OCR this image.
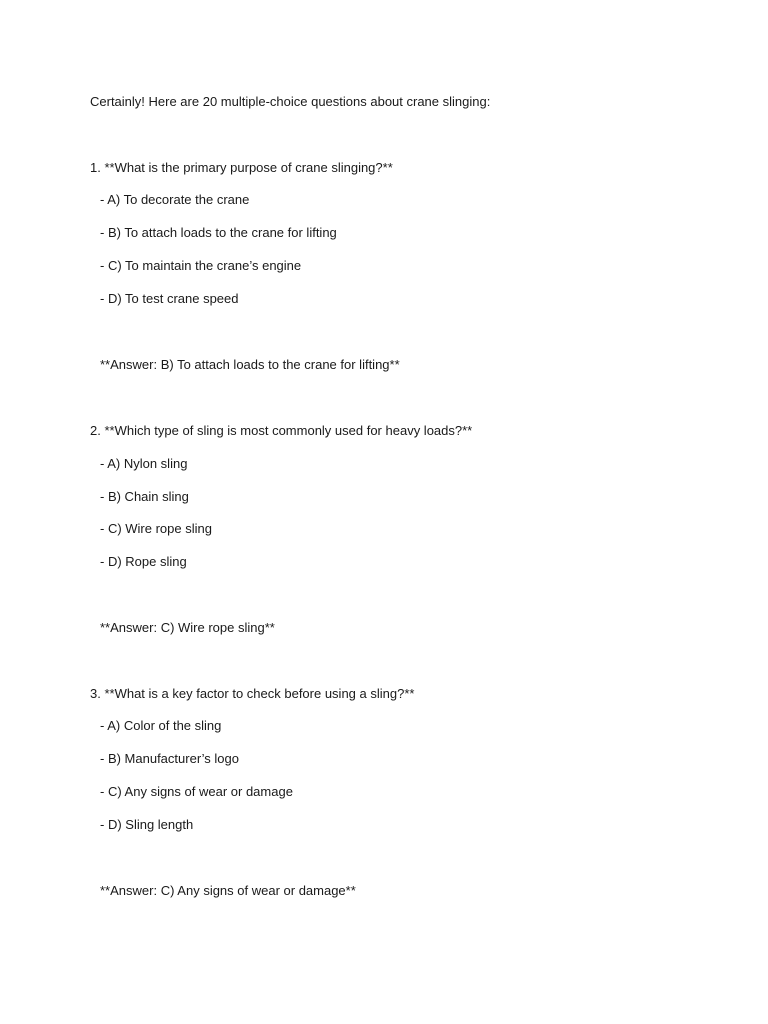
Certainly! Here are 20 multiple-choice questions about crane slinging:
1. **What is the primary purpose of crane slinging?**
- A) To decorate the crane
- B) To attach loads to the crane for lifting
- C) To maintain the crane’s engine
- D) To test crane speed
**Answer: B) To attach loads to the crane for lifting**
2. **Which type of sling is most commonly used for heavy loads?**
- A) Nylon sling
- B) Chain sling
- C) Wire rope sling
- D) Rope sling
**Answer: C) Wire rope sling**
3. **What is a key factor to check before using a sling?**
- A) Color of the sling
- B) Manufacturer’s logo
- C) Any signs of wear or damage
- D) Sling length
**Answer: C) Any signs of wear or damage**
